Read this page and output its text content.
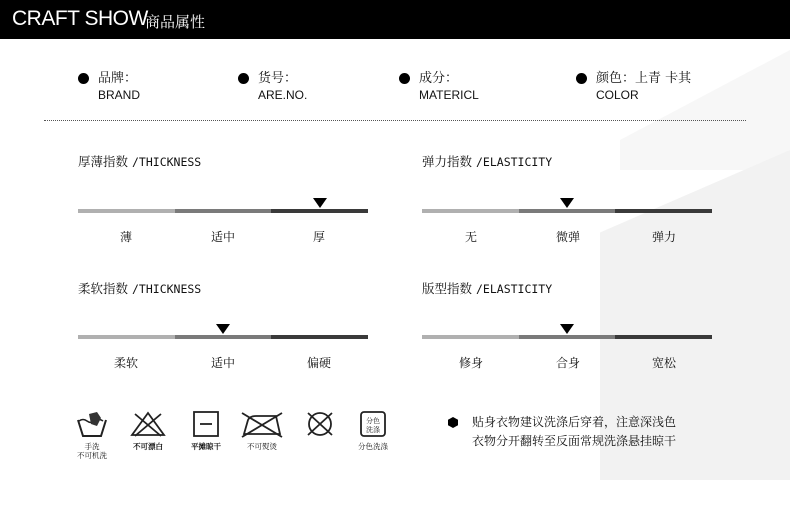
CRAFT SHOW
商品属性
品牌：
BRAND
货号：
ARE.NO.
成分：
MATERICL
颜色：上青 卡其
COLOR
厚薄指数 /THICKNESS
薄	适中	厚
弹力指数 /ELASTICITY
无	微弹	弹力
柔软指数 /THICKNESS
柔软	适中	偏硬
版型指数 /ELASTICITY
修身	合身	宽松
手洗
不可机洗
不可漂白	平摊晾干	不可熨烫
分色
洗涤
分色洗涤
贴身衣物建议洗涤后穿着，注意深浅色
衣物分开翻转至反面常规洗涤悬挂晾干
